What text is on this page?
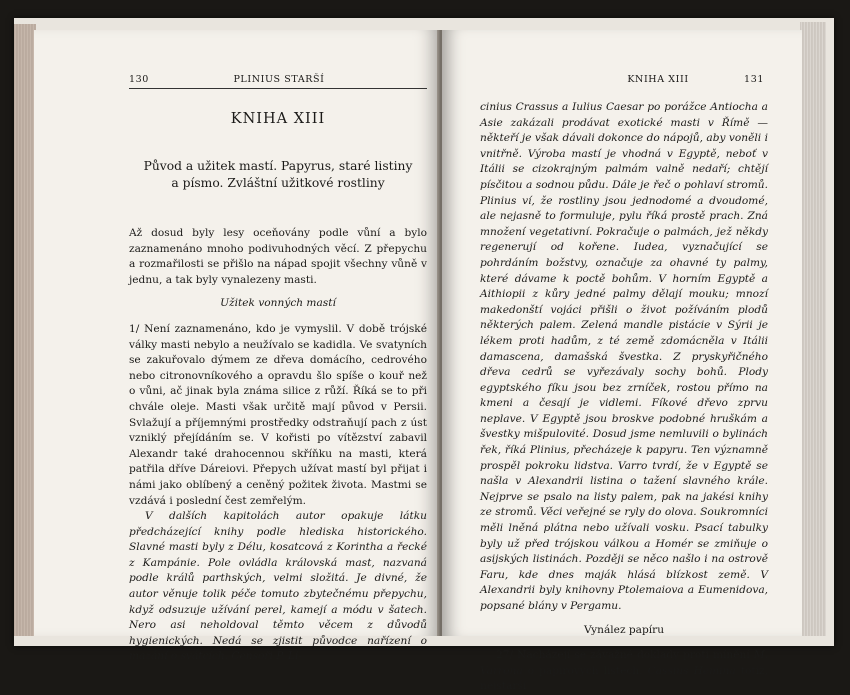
130	PLINIUS STARŠÍ
KNIHA XIII
Původ a užitek mastí. Papyrus, staré listiny
a písmo. Zvláštní užitkové rostliny

Až dosud byly lesy oceňovány podle vůní a bylo zaznamenáno mnoho podivuhodných věcí. Z přepychu a rozmařilosti se přišlo na nápad spojit všechny vůně v jednu, a tak byly vynalezeny masti.

Užitek vonných mastí

1/ Není zaznamenáno, kdo je vymyslil. V době trójské války masti nebylo a neužívalo se kadidla. Ve svatyních se zakuřovalo dýmem ze dřeva domácího, cedrového nebo citronovníkového a opravdu šlo spíše o kouř než o vůni, ač jinak byla známa silice z růží. Říká se to při chvále oleje. Masti však určitě mají původ v Persii. Svlažují a příjemnými prostředky odstraňují pach z úst vzniklý přejídáním se. V kořisti po vítězství zabavil Alexandr také drahocennou skříňku na masti, která patřila dříve Dáreiovi. Přepych užívat mastí byl přijat i námi jako oblíbený a ceněný požitek života. Mastmi se vzdává i poslední čest zemřelým.

V dalších kapitolách autor opakuje látku předcházející knihy podle hlediska historického. Slavné masti byly z Délu, kosatcová z Korintha a řecké z Kampánie. Pole ovládla královská mast, nazvaná podle králů parthských, velmi složitá. Je divné, že autor věnuje tolik péče tomuto zbytečnému přepychu, když odsuzuje užívání perel, kamejí a módu v šatech. Nero asi neholdoval těmto věcem z důvodů hygienických. Nedá se zjistit původce nařízení o mazání o svátcích. Censoři P. Li-

KNIHA XIII	131

cinius Crassus a Iulius Caesar po porážce Antiocha a Asie zakázali prodávat exotické masti v Římě — někteří je však dávali dokonce do nápojů, aby voněli i vnitřně. Výroba mastí je vhodná v Egyptě, neboť v Itálii se cizokrajným palmám valně nedaří; chtějí písčitou a sodnou půdu. Dále je řeč o pohlaví stromů. Plinius ví, že rostliny jsou jednodomé a dvoudomé, ale nejasně to formuluje, pylu říká prostě prach. Zná množení vegetativní. Pokračuje o palmách, jež někdy regenerují od kořene. Iudea, vyznačující se pohrdáním božstvy, označuje za ohavné ty palmy, které dávame k poctě bohům. V horním Egyptě a Aithiopii z kůry jedné palmy dělají mouku; mnozí makedonští vojáci přišli o život požíváním plodů některých palem. Zelená mandle pistácie v Sýrii je lékem proti hadům, z té země zdomácněla v Itálii damascena, damašská švestka. Z pryskyřičného dřeva cedrů se vyřezávaly sochy bohů. Plody egyptského fíku jsou bez zrníček, rostou přímo na kmeni a česají je vidlemi. Fíkové dřevo zprvu neplave. V Egyptě jsou broskve podobné hruškám a švestky mišpulovité. Dosud jsme nemluvili o bylinách řek, říká Plinius, přecházeje k papyru. Ten významně prospěl pokroku lidstva. Varro tvrdí, že v Egyptě se našla v Alexandrii listina o tažení slavného krále. Nejprve se psalo na listy palem, pak na jakési knihy ze stromů. Věci veřejné se ryly do olova. Soukromníci měli lněná plátna nebo užívali vosku. Psací tabulky byly už před trójskou válkou a Homér se zmiňuje o asijských listinách. Později se něco našlo i na ostrově Faru, kde dnes maják hlásá blízkost země. V Alexandrii byly knihovny Ptolemaiova a Eumenidova, popsané blány v Pergamu.

Vynález papíru

27/ Nacházejí se závažné doklady proti mínění M. Varrona o papírových listech. Cassius Hemina totiž, nejstarší
